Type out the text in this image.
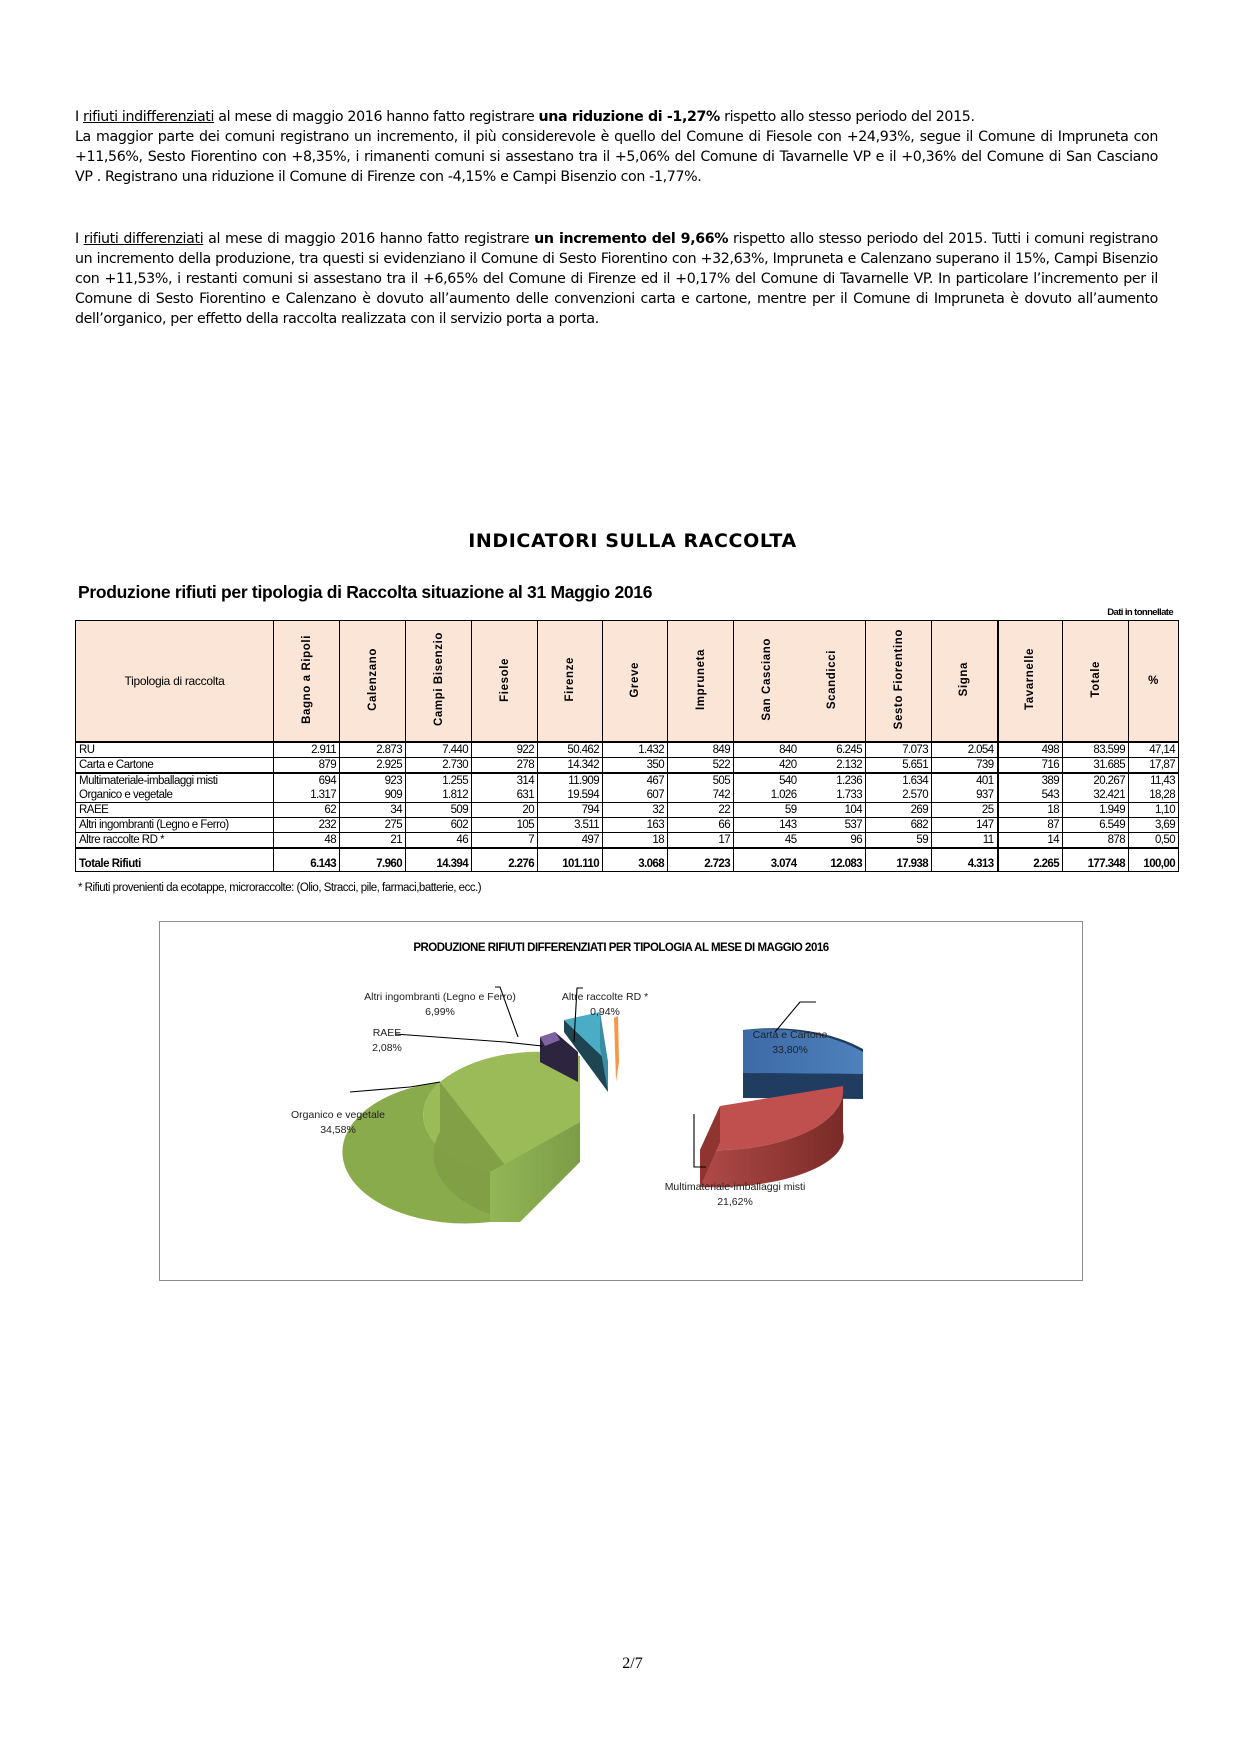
I rifiuti indifferenziati al mese di maggio 2016 hanno fatto registrare una riduzione di -1,27% rispetto allo stesso periodo del 2015.
La maggior parte dei comuni registrano un incremento, il più considerevole è quello del Comune di Fiesole con +24,93%, segue il Comune di Impruneta con +11,56%, Sesto Fiorentino con +8,35%, i rimanenti comuni si assestano tra il +5,06% del Comune di Tavarnelle VP e il +0,36% del Comune di San Casciano VP . Registrano una riduzione il Comune di Firenze con -4,15% e Campi Bisenzio con -1,77%.

I rifiuti differenziati al mese di maggio 2016 hanno fatto registrare un incremento del 9,66% rispetto allo stesso periodo del 2015. Tutti i comuni registrano un incremento della produzione, tra questi si evidenziano il Comune di Sesto Fiorentino con +32,63%, Impruneta e Calenzano superano il 15%, Campi Bisenzio con +11,53%, i restanti comuni si assestano tra il +6,65% del Comune di Firenze ed il +0,17% del Comune di Tavarnelle VP. In particolare l’incremento per il Comune di Sesto Fiorentino e Calenzano è dovuto all’aumento delle convenzioni carta e cartone, mentre per il Comune di Impruneta è dovuto all’aumento dell’organico, per effetto della raccolta realizzata con il servizio porta a porta.

INDICATORI SULLA RACCOLTA
Produzione rifiuti per tipologia di Raccolta situazione al 31 Maggio 2016
Dati in tonnellate
Tipologia di raccolta	Bagno a Ripoli	Calenzano	Campi Bisenzio	Fiesole	Firenze	Greve	Impruneta	San Casciano	Scandicci	Sesto Fiorentino	Signa	Tavarnelle	Totale	%
RU	2.911	2.873	7.440	922	50.462	1.432	849	840	6.245	7.073	2.054	498	83.599	47,14
Carta e Cartone	879	2.925	2.730	278	14.342	350	522	420	2.132	5.651	739	716	31.685	17,87
Multimateriale-imballaggi misti	694	923	1.255	314	11.909	467	505	540	1.236	1.634	401	389	20.267	11,43
Organico e vegetale	1.317	909	1.812	631	19.594	607	742	1.026	1.733	2.570	937	543	32.421	18,28
RAEE	62	34	509	20	794	32	22	59	104	269	25	18	1.949	1,10
Altri ingombranti (Legno e Ferro)	232	275	602	105	3.511	163	66	143	537	682	147	87	6.549	3,69
Altre raccolte RD *	48	21	46	7	497	18	17	45	96	59	11	14	878	0,50
Totale Rifiuti	6.143	7.960	14.394	2.276	101.110	3.068	2.723	3.074	12.083	17.938	4.313	2.265	177.348	100,00
* Rifiuti provenienti da ecotappe, microraccolte: (Olio, Stracci, pile, farmaci,batterie, ecc.)
PRODUZIONE RIFIUTI DIFFERENZIATI PER TIPOLOGIA AL MESE DI MAGGIO 2016
Carta e Cartone
33,80%
Multimateriale-imballaggi misti
21,62%
Organico e vegetale
34,58%
RAEE
2,08%
Altri ingombranti (Legno e Ferro)
6,99%
Altre raccolte RD *
0,94%
2/7
